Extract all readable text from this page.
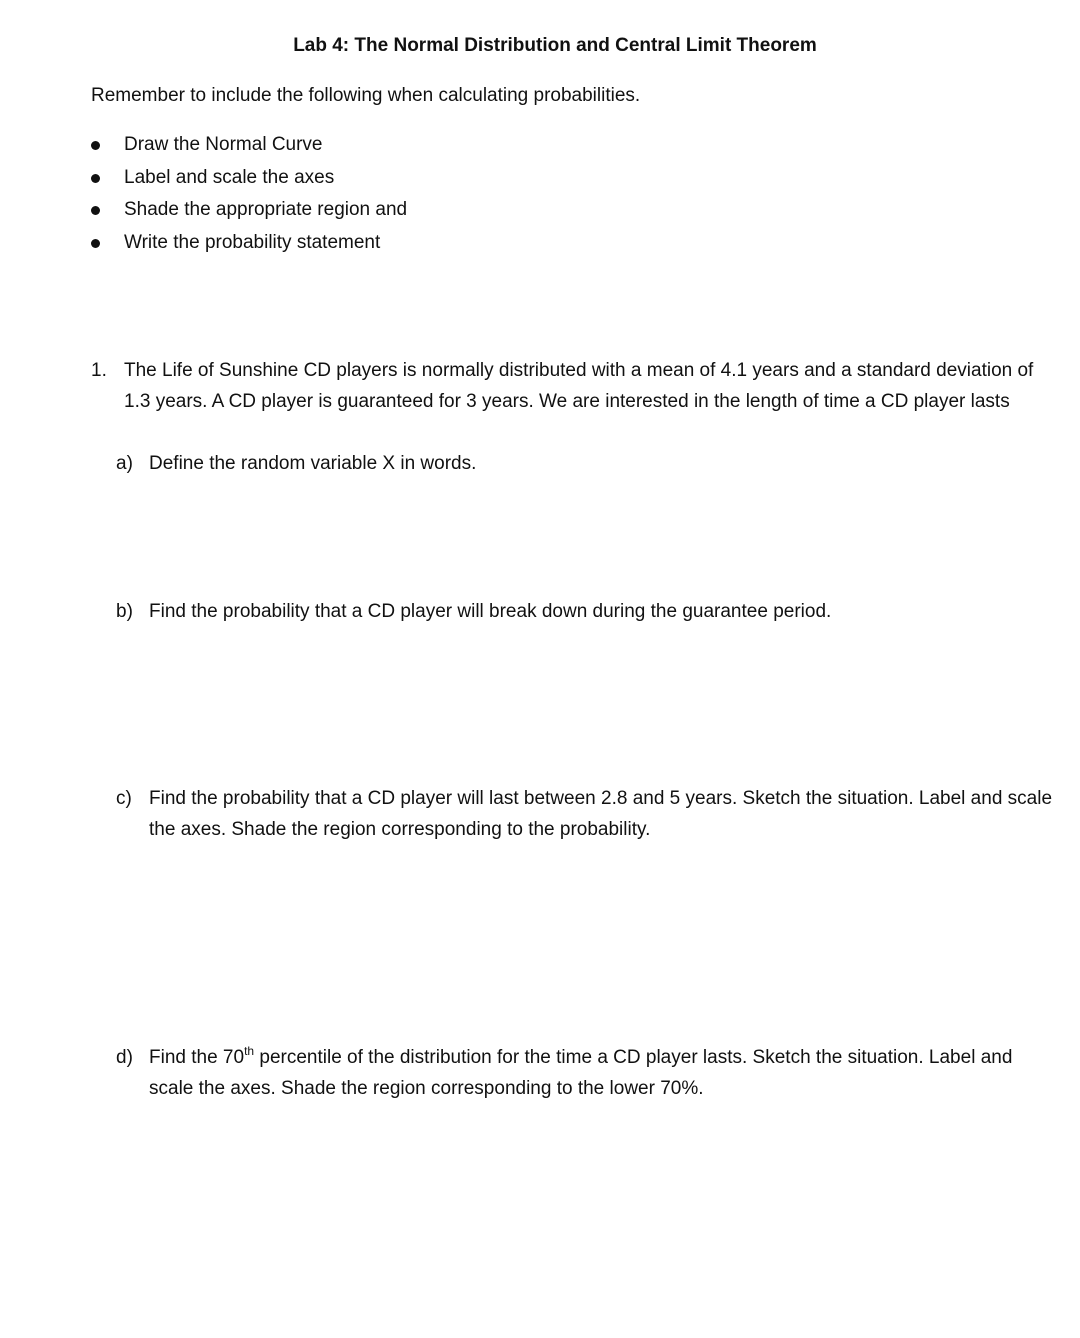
Lab 4: The Normal Distribution and Central Limit Theorem
Remember to include the following when calculating probabilities.
Draw the Normal Curve
Label and scale the axes
Shade the appropriate region and
Write the probability statement
1. The Life of Sunshine CD players is normally distributed with a mean of 4.1 years and a standard deviation of 1.3 years. A CD player is guaranteed for 3 years. We are interested in the length of time a CD player lasts
a) Define the random variable X in words.
b) Find the probability that a CD player will break down during the guarantee period.
c) Find the probability that a CD player will last between 2.8 and 5 years. Sketch the situation. Label and scale the axes. Shade the region corresponding to the probability.
d) Find the 70th percentile of the distribution for the time a CD player lasts. Sketch the situation. Label and scale the axes. Shade the region corresponding to the lower 70%.
